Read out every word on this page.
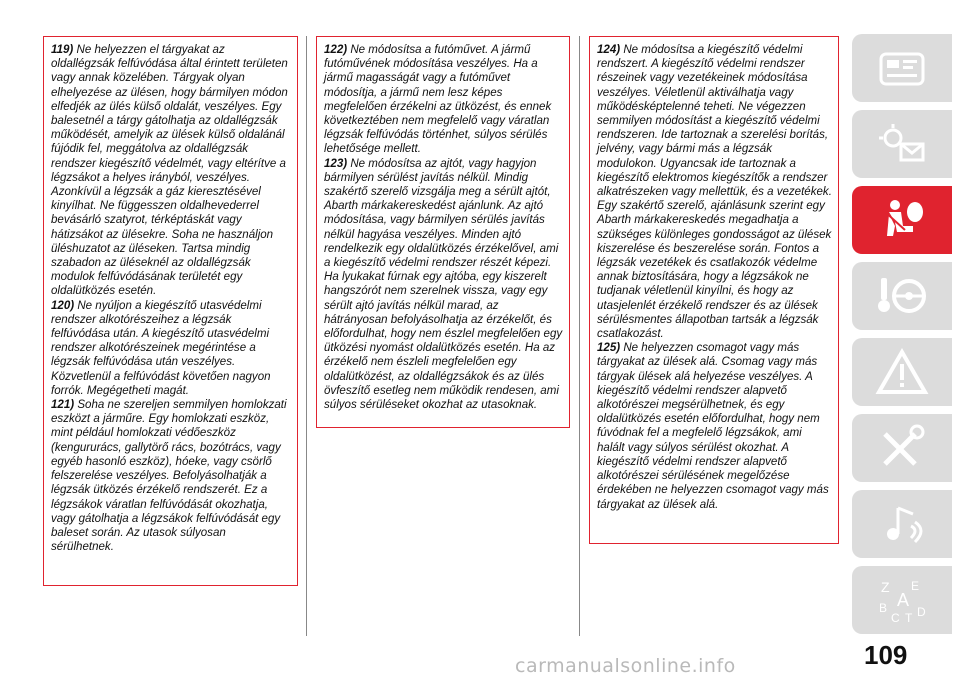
119) Ne helyezzen el tárgyakat az oldallégzsák felfúvódása által érintett területen vagy annak közelében. Tárgyak olyan elhelyezése az ülésen, hogy bármilyen módon elfedjék az ülés külső oldalát, veszélyes. Egy balesetnél a tárgy gátolhatja az oldallégzsák működését, amelyik az ülések külső oldalánál fújódik fel, meggátolva az oldallégzsák rendszer kiegészítő védelmét, vagy eltérítve a légzsákot a helyes irányból, veszélyes. Azonkívül a légzsák a gáz kieresztésével kinyílhat. Ne függesszen oldalhevederrel bevásárló szatyrot, térképtáskát vagy hátizsákot az ülésekre. Soha ne használjon üléshuzatot az üléseken. Tartsa mindig szabadon az üléseknél az oldallégzsák modulok felfúvódásának területét egy oldalütközés esetén.

120) Ne nyúljon a kiegészítő utasvédelmi rendszer alkotórészeihez a légzsák felfúvódása után. A kiegészítő utasvédelmi rendszer alkotórészeinek megérintése a légzsák felfúvódása után veszélyes. Közvetlenül a felfúvódást követően nagyon forrók. Megégetheti magát.

121) Soha ne szereljen semmilyen homlokzati eszközt a járműre. Egy homlokzati eszköz, mint például homlokzati védőeszköz (kengururács, gallytörő rács, bozótrács, vagy egyéb hasonló eszköz), hóeke, vagy csörlő felszerelése veszélyes. Befolyásolhatják a légzsák ütközés érzékelő rendszerét. Ez a légzsákok váratlan felfúvódását okozhatja, vagy gátolhatja a légzsákok felfúvódását egy baleset során. Az utasok súlyosan sérülhetnek.

122) Ne módosítsa a futóművet. A jármű futóművének módosítása veszélyes. Ha a jármű magasságát vagy a futóművet módosítja, a jármű nem lesz képes megfelelően érzékelni az ütközést, és ennek következtében nem megfelelő vagy váratlan légzsák felfúvódás történhet, súlyos sérülés lehetősége mellett.

123) Ne módosítsa az ajtót, vagy hagyjon bármilyen sérülést javítás nélkül. Mindig szakértő szerelő vizsgálja meg a sérült ajtót, Abarth márkakereskedést ajánlunk. Az ajtó módosítása, vagy bármilyen sérülés javítás nélkül hagyása veszélyes. Minden ajtó rendelkezik egy oldalütközés érzékelővel, ami a kiegészítő védelmi rendszer részét képezi. Ha lyukakat fúrnak egy ajtóba, egy kiszerelt hangszórót nem szerelnek vissza, vagy egy sérült ajtó javítás nélkül marad, az hátrányosan befolyásolhatja az érzékelőt, és előfordulhat, hogy nem észlel megfelelően egy ütközési nyomást oldalütközés esetén. Ha az érzékelő nem észleli megfelelően egy oldalütközést, az oldallégzsákok és az ülés övfeszítő esetleg nem működik rendesen, ami súlyos sérüléseket okozhat az utasoknak.

124) Ne módosítsa a kiegészítő védelmi rendszert. A kiegészítő védelmi rendszer részeinek vagy vezetékeinek módosítása veszélyes. Véletlenül aktiválhatja vagy működésképtelenné teheti. Ne végezzen semmilyen módosítást a kiegészítő védelmi rendszeren. Ide tartoznak a szerelési borítás, jelvény, vagy bármi más a légzsák modulokon. Ugyancsak ide tartoznak a kiegészítő elektromos kiegészítők a rendszer alkatrészeken vagy mellettük, és a vezetékek. Egy szakértő szerelő, ajánlásunk szerint egy Abarth márkakereskedés megadhatja a szükséges különleges gondosságot az ülések kiszerelése és beszerelése során. Fontos a légzsák vezetékek és csatlakozók védelme annak biztosítására, hogy a légzsákok ne tudjanak véletlenül kinyílni, és hogy az utasjelenlét érzékelő rendszer és az ülések sérülésmentes állapotban tartsák a légzsák csatlakozást.

125) Ne helyezzen csomagot vagy más tárgyakat az ülések alá. Csomag vagy más tárgyak ülések alá helyezése veszélyes. A kiegészítő védelmi rendszer alapvető alkotórészei megsérülhetnek, és egy oldalütközés esetén előfordulhat, hogy nem fúvódnak fel a megfelelő légzsákok, ami halált vagy súlyos sérülést okozhat. A kiegészítő védelmi rendszer alapvető alkotórészei sérülésének megelőzése érdekében ne helyezzen csomagot vagy más tárgyakat az ülések alá.

Z E
A
B
C T D
109
carmanualsonline.info
